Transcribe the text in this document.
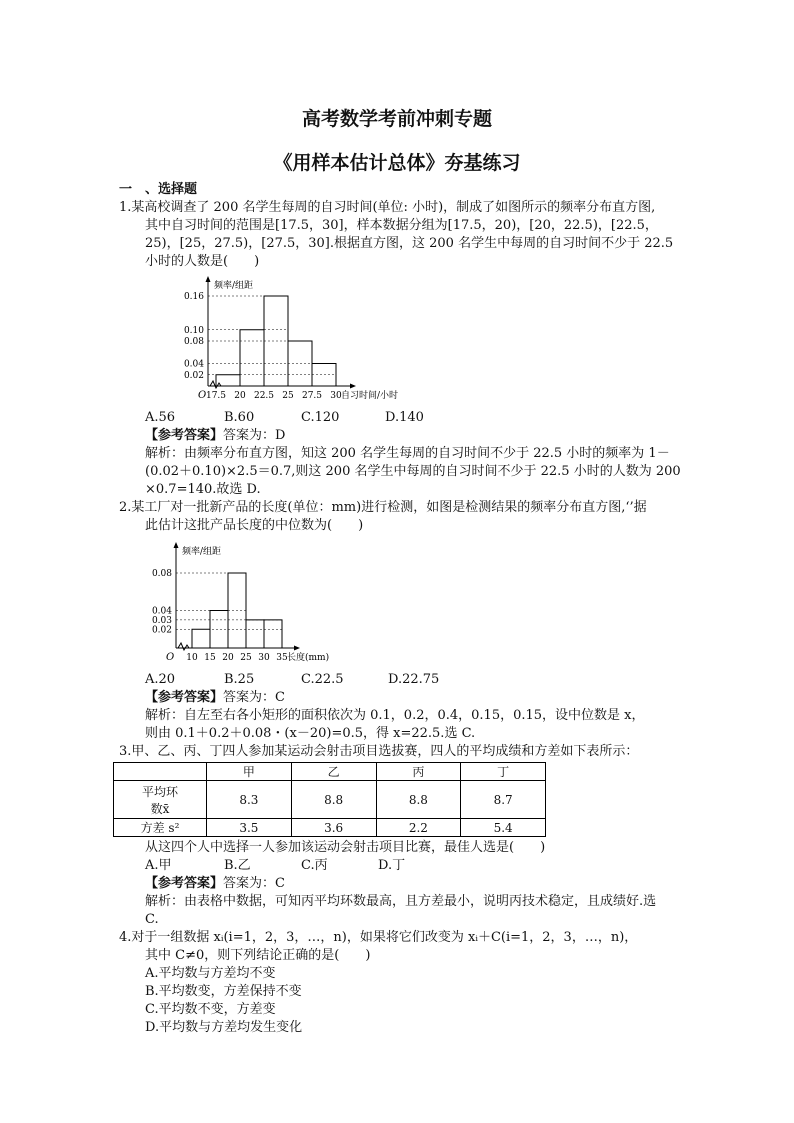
高考数学考前冲刺专题
《用样本估计总体》夯基练习
一　、选择题
1.某高校调查了 200 名学生每周的自习时间(单位: 小时)，制成了如图所示的频率分布直方图,
其中自习时间的范围是[17.5，30]，样本数据分组为[17.5，20)，[20，22.5)，[22.5，
25)，[25，27.5)，[27.5，30].根据直方图，这 200 名学生中每周的自习时间不少于 22.5
小时的人数是(　　)
频率/组距
O
0.02
0.04
0.08
0.10
0.16
17.5 20 22.5 25 27.5 30 自习时间/小时
A.56	B.60	C.120	D.140
【参考答案】答案为：D
解析：由频率分布直方图，知这 200 名学生每周的自习时间不少于 22.5 小时的频率为 1－
(0.02＋0.10)×2.5＝0.7,则这 200 名学生中每周的自习时间不少于 22.5 小时的人数为 200
×0.7=140.故选 D.
2.某工厂对一批新产品的长度(单位：mm)进行检测，如图是检测结果的频率分布直方图,‘’据
此估计这批产品长度的中位数为(　　)
频率/组距
O
0.02
0.03
0.04
0.08
10 15 20 25 30 35 长度(mm)
A.20	B.25	C.22.5	D.22.75
【参考答案】答案为：C
解析：自左至右各小矩形的面积依次为 0.1，0.2，0.4，0.15，0.15，设中位数是 x，
则由 0.1＋0.2＋0.08・(x－20)=0.5，得 x=22.5.选 C.
3.甲、乙、丙、丁四人参加某运动会射击项目选拔赛，四人的平均成绩和方差如下表所示：
	甲	乙	丙	丁

平均环
数x̄	8.3	8.8	8.8	8.7
方差 s²	3.5	3.6	2.2	5.4
从这四个人中选择一人参加该运动会射击项目比赛，最佳人选是(　　)
A.甲	B.乙	C.丙	D.丁
【参考答案】答案为：C
解析：由表格中数据，可知丙平均环数最高，且方差最小，说明丙技术稳定，且成绩好.选
C.
4.对于一组数据 xᵢ(i=1，2，3，…，n)，如果将它们改变为 xᵢ＋C(i=1，2，3，…，n)，
其中 C≠0，则下列结论正确的是(　　)
A.平均数与方差均不变
B.平均数变，方差保持不变
C.平均数不变，方差变
D.平均数与方差均发生变化
